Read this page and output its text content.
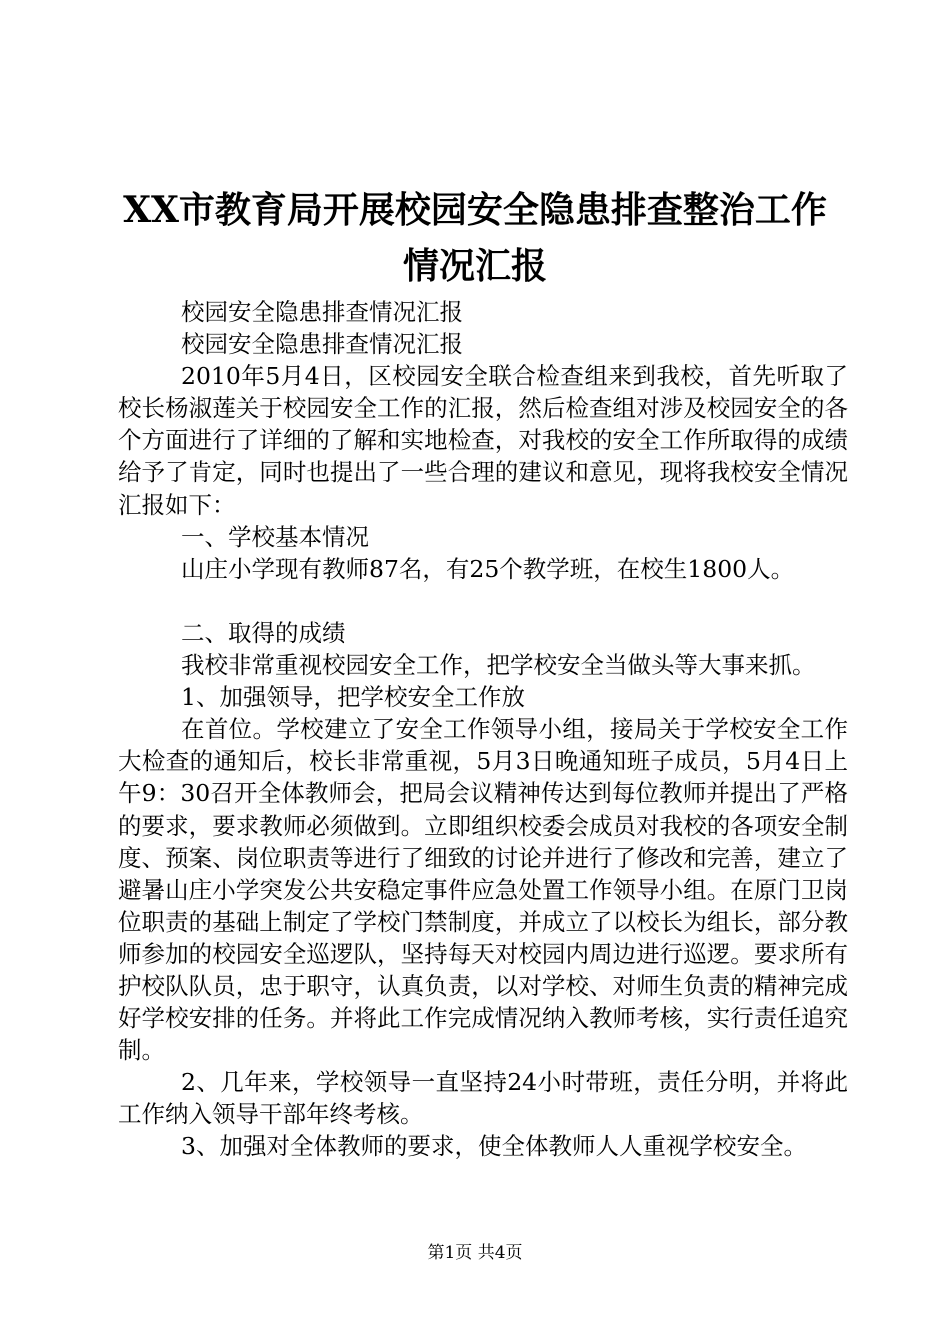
XX市教育局开展校园安全隐患排查整治工作
情况汇报

校园安全隐患排查情况汇报

校园安全隐患排查情况汇报

2010年5月4日，区校园安全联合检查组来到我校，首先听取了校长杨淑莲关于校园安全工作的汇报，然后检查组对涉及校园安全的各个方面进行了详细的了解和实地检查，对我校的安全工作所取得的成绩给予了肯定，同时也提出了一些合理的建议和意见，现将我校安全情况汇报如下：

一、学校基本情况

山庄小学现有教师87名，有25个教学班，在校生1800人。

二、取得的成绩

我校非常重视校园安全工作，把学校安全当做头等大事来抓。

1、加强领导，把学校安全工作放

在首位。学校建立了安全工作领导小组，接局关于学校安全工作大检查的通知后，校长非常重视，5月3日晚通知班子成员，5月4日上午9：30召开全体教师会，把局会议精神传达到每位教师并提出了严格的要求，要求教师必须做到。立即组织校委会成员对我校的各项安全制度、预案、岗位职责等进行了细致的讨论并进行了修改和完善，建立了避暑山庄小学突发公共安稳定事件应急处置工作领导小组。在原门卫岗位职责的基础上制定了学校门禁制度，并成立了以校长为组长，部分教师参加的校园安全巡逻队，坚持每天对校园内周边进行巡逻。要求所有护校队队员，忠于职守，认真负责，以对学校、对师生负责的精神完成好学校安排的任务。并将此工作完成情况纳入教师考核，实行责任追究制。

2、几年来，学校领导一直坚持24小时带班，责任分明，并将此工作纳入领导干部年终考核。

3、加强对全体教师的要求，使全体教师人人重视学校安全。

第1页 共4页
